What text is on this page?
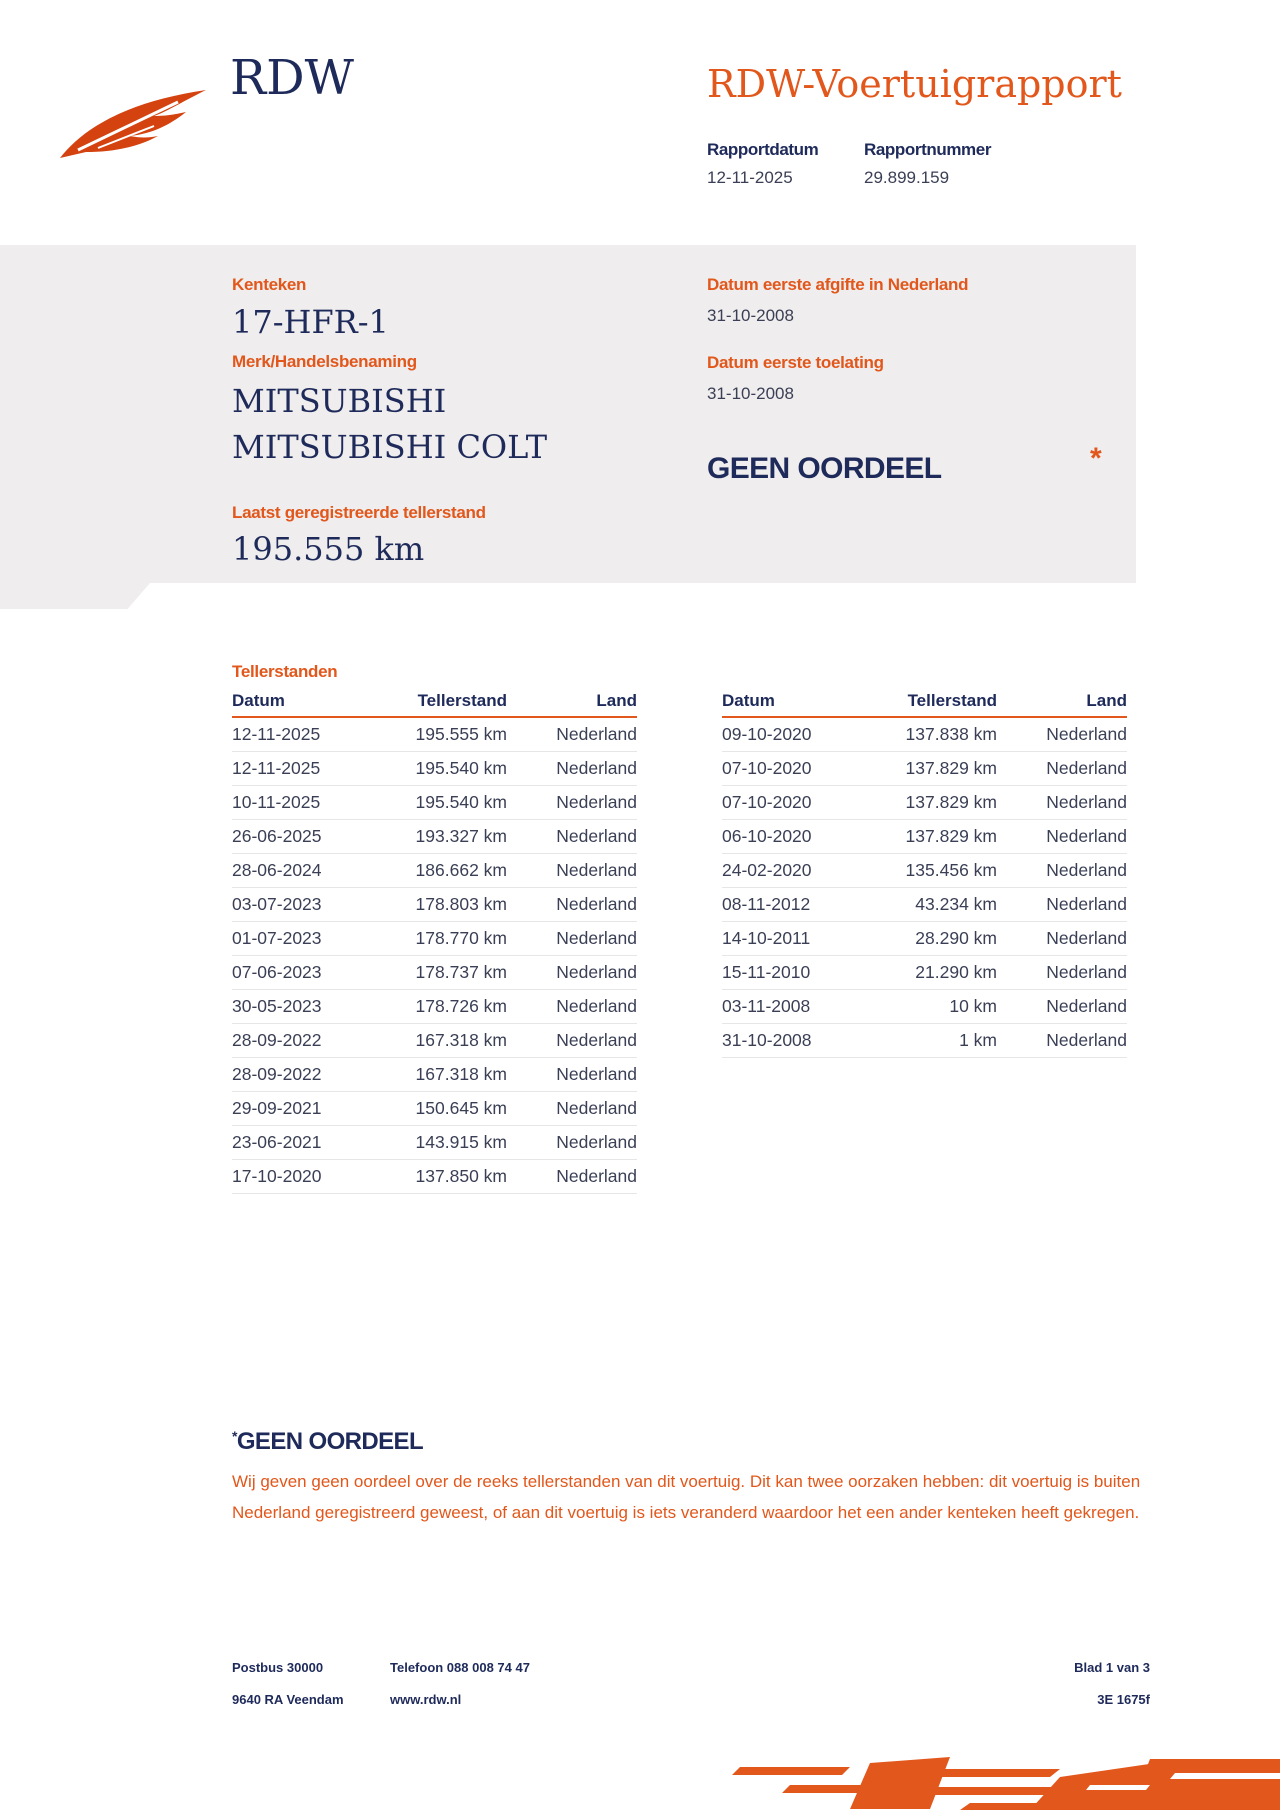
RDW	RDW-Voertuigrapport
Rapportdatum
12-11-2025
Rapportnummer
29.899.159
Kenteken
17-HFR-1
Merk/Handelsbenaming
MITSUBISHI
MITSUBISHI COLT
Laatst geregistreerde tellerstand
195.555 km
Datum eerste afgifte in Nederland
31-10-2008
Datum eerste toelating
31-10-2008
GEEN OORDEEL	*
Tellerstanden
Datum	Tellerstand	Land
12-11-2025	195.555 km	Nederland
12-11-2025	195.540 km	Nederland
10-11-2025	195.540 km	Nederland
26-06-2025	193.327 km	Nederland
28-06-2024	186.662 km	Nederland
03-07-2023	178.803 km	Nederland
01-07-2023	178.770 km	Nederland
07-06-2023	178.737 km	Nederland
30-05-2023	178.726 km	Nederland
28-09-2022	167.318 km	Nederland
28-09-2022	167.318 km	Nederland
29-09-2021	150.645 km	Nederland
23-06-2021	143.915 km	Nederland
17-10-2020	137.850 km	Nederland
Datum	Tellerstand	Land
09-10-2020	137.838 km	Nederland
07-10-2020	137.829 km	Nederland
07-10-2020	137.829 km	Nederland
06-10-2020	137.829 km	Nederland
24-02-2020	135.456 km	Nederland
08-11-2012	43.234 km	Nederland
14-10-2011	28.290 km	Nederland
15-11-2010	21.290 km	Nederland
03-11-2008	10 km	Nederland
31-10-2008	1 km	Nederland
*GEEN OORDEEL
Wij geven geen oordeel over de reeks tellerstanden van dit voertuig. Dit kan twee oorzaken hebben: dit voertuig is buiten Nederland geregistreerd geweest, of aan dit voertuig is iets veranderd waardoor het een ander kenteken heeft gekregen.
Postbus 30000
9640 RA Veendam
Telefoon 088 008 74 47
www.rdw.nl
Blad 1 van 3
3E 1675f
